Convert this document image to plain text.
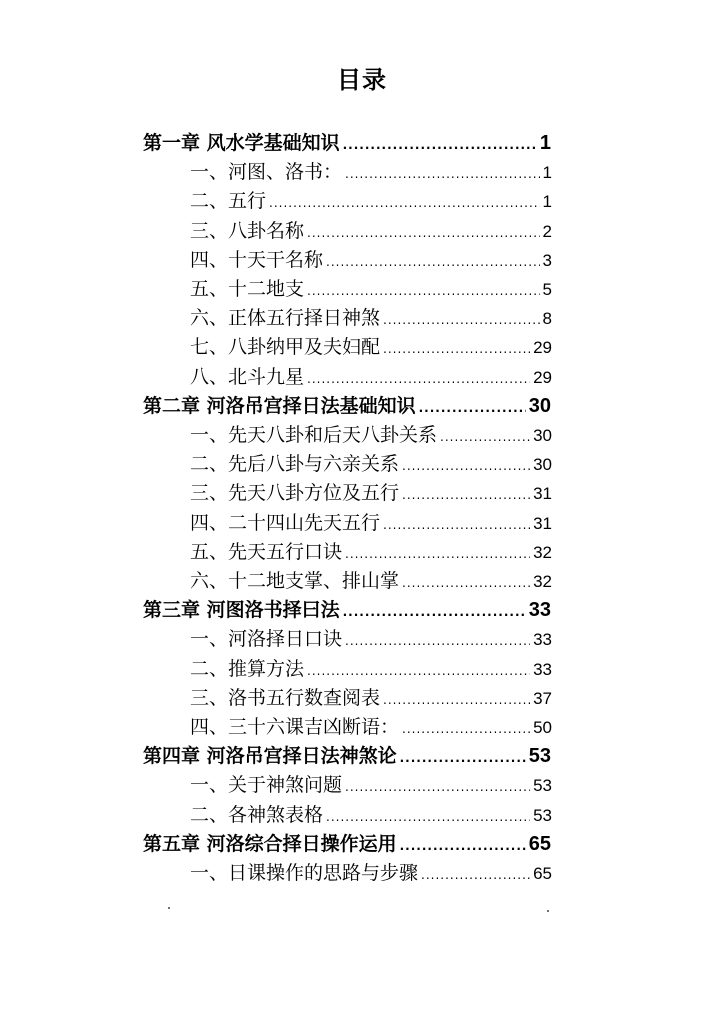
目录
第一章 风水学基础知识 .....	1
一、河图、洛书： .....	1
二、五行 .....	1
三、八卦名称 .....	2
四、十天干名称 .....	3
五、十二地支 .....	5
六、正体五行择日神煞 .....	8
七、八卦纳甲及夫妇配 .....	29
八、北斗九星 .....	29
第二章 河洛吊宫择日法基础知识 .....	30
一、先天八卦和后天八卦关系 .....	30
二、先后八卦与六亲关系 .....	30
三、先天八卦方位及五行 .....	31
四、二十四山先天五行 .....	31
五、先天五行口诀 .....	32
六、十二地支掌、排山掌 .....	32
第三章 河图洛书择曰法 .....	33
一、河洛择日口诀 .....	33
二、推算方法 .....	33
三、洛书五行数查阅表 .....	37
四、三十六课吉凶断语： .....	50
第四章 河洛吊宫择日法神煞论 .....	53
一、关于神煞问题 .....	53
二、各神煞表格 .....	53
第五章 河洛综合择日操作运用 .....	65
一、日课操作的思路与步骤 .....	65
